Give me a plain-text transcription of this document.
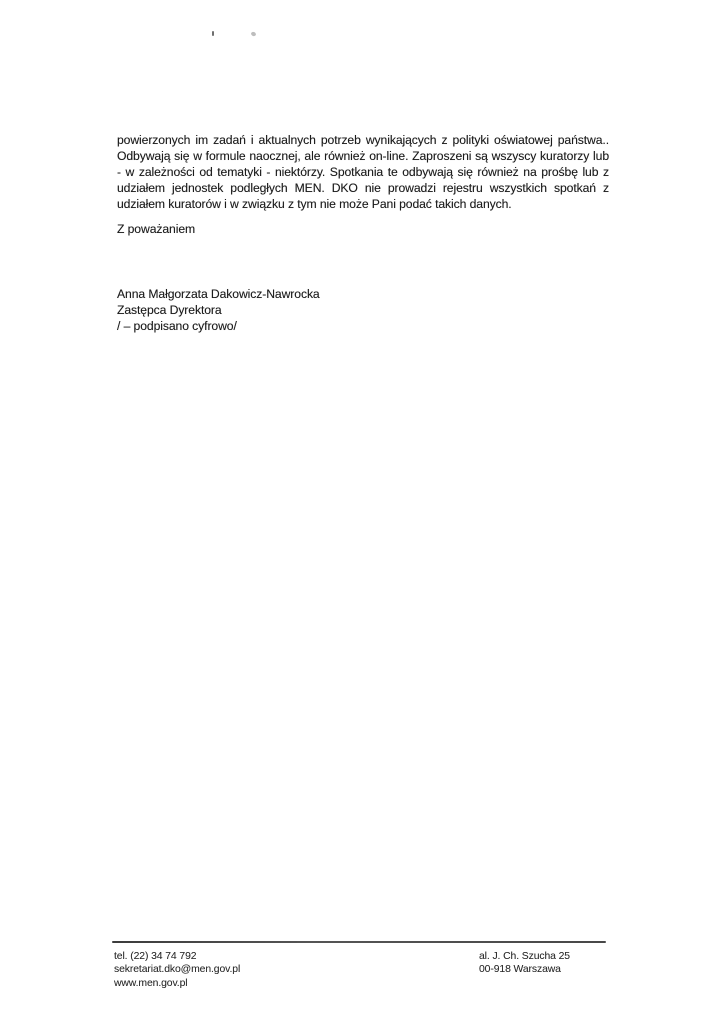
powierzonych im zadań i aktualnych potrzeb wynikających z polityki oświatowej państwa..
Odbywają się w formule naocznej, ale również on-line. Zaproszeni są wszyscy kuratorzy lub
- w zależności od tematyki - niektórzy. Spotkania te odbywają się również na prośbę lub z
udziałem jednostek podległych MEN. DKO nie prowadzi rejestru wszystkich spotkań z
udziałem kuratorów i w związku z tym nie może Pani podać takich danych.
Z poważaniem
Anna Małgorzata Dakowicz-Nawrocka
Zastępca Dyrektora
/ – podpisano cyfrowo/
tel. (22) 34 74 792
sekretariat.dko@men.gov.pl
www.men.gov.pl
al. J. Ch. Szucha 25
00-918 Warszawa
